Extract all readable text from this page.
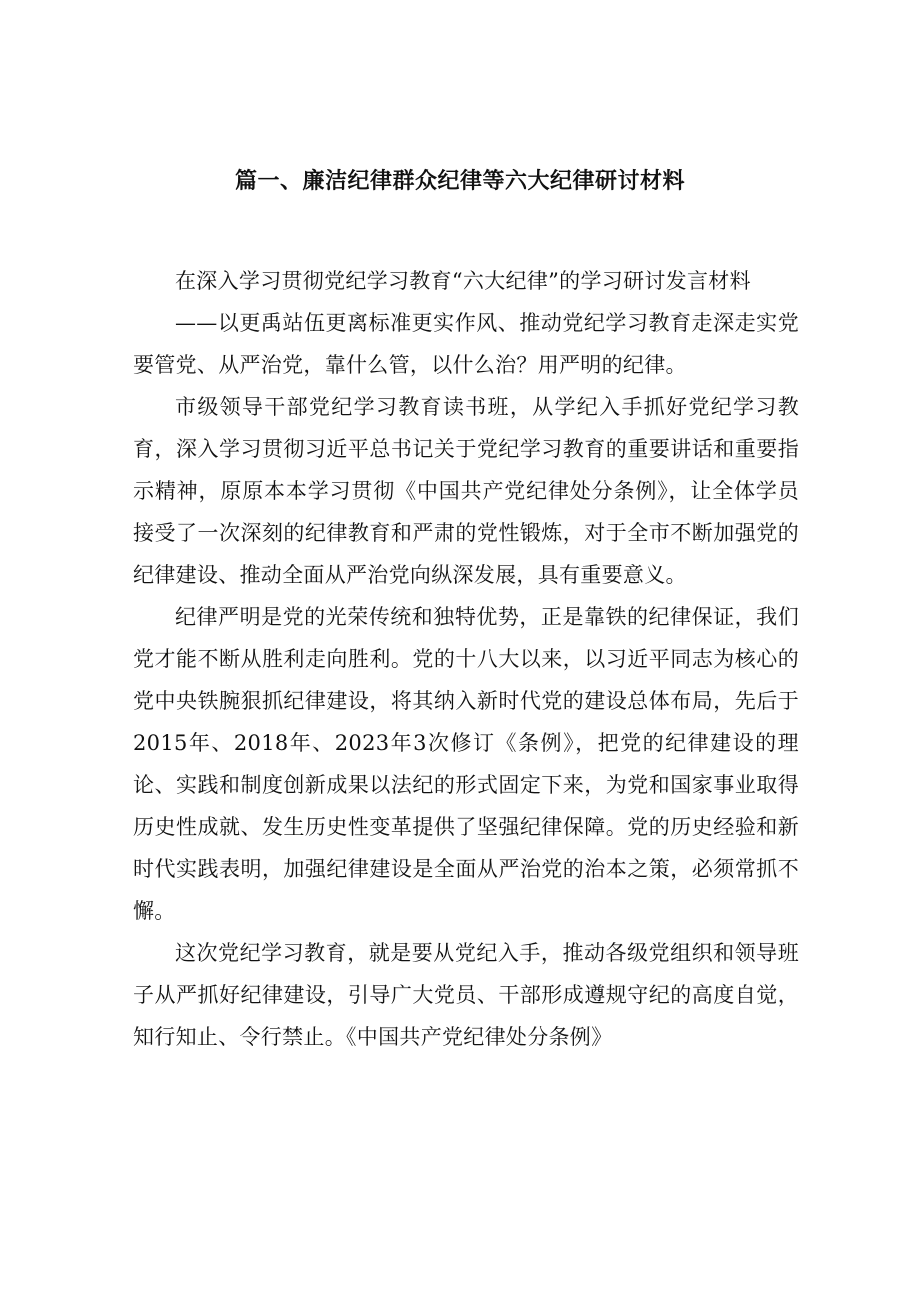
篇一、廉洁纪律群众纪律等六大纪律研讨材料

在深入学习贯彻党纪学习教育“六大纪律”的学习研讨发言材料

——以更禹站伍更离标准更实作风、推动党纪学习教育走深走实党要管党、从严治党，靠什么管，以什么治？用严明的纪律。

市级领导干部党纪学习教育读书班，从学纪入手抓好党纪学习教育，深入学习贯彻习近平总书记关于党纪学习教育的重要讲话和重要指示精神，原原本本学习贯彻《中国共产党纪律处分条例》，让全体学员接受了一次深刻的纪律教育和严肃的党性锻炼，对于全市不断加强党的纪律建设、推动全面从严治党向纵深发展，具有重要意义。

纪律严明是党的光荣传统和独特优势，正是靠铁的纪律保证，我们党才能不断从胜利走向胜利。党的十八大以来，以习近平同志为核心的党中央铁腕狠抓纪律建设，将其纳入新时代党的建设总体布局，先后于2015年、2018年、2023年3次修订《条例》，把党的纪律建设的理论、实践和制度创新成果以法纪的形式固定下来，为党和国家事业取得历史性成就、发生历史性变革提供了坚强纪律保障。党的历史经验和新时代实践表明，加强纪律建设是全面从严治党的治本之策，必须常抓不懈。

这次党纪学习教育，就是要从党纪入手，推动各级党组织和领导班子从严抓好纪律建设，引导广大党员、干部形成遵规守纪的高度自觉，知行知止、令行禁止。《中国共产党纪律处分条例》
